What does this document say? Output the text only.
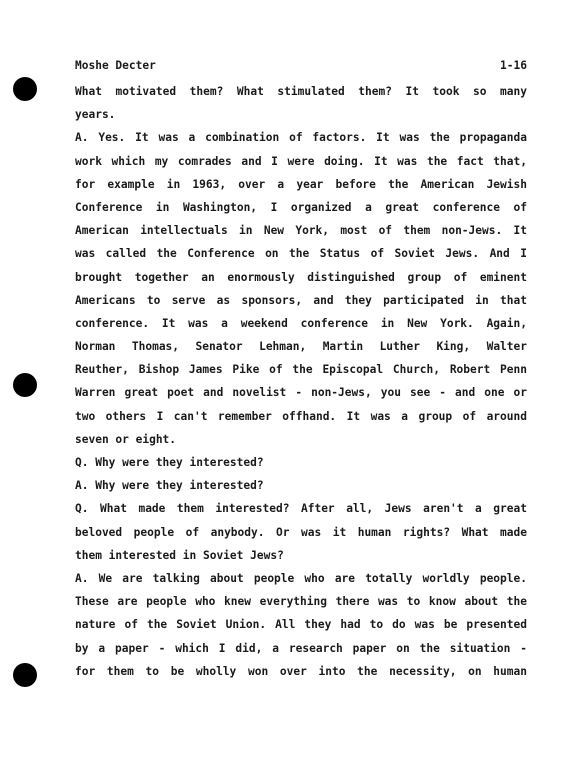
Moshe Decter	1-16
What motivated them? What stimulated them? It took so many
years.
A. Yes. It was a combination of factors. It was the propaganda
work which my comrades and I were doing. It was the fact that,
for example in 1963, over a year before the American Jewish
Conference in Washington, I organized a great conference of
American intellectuals in New York, most of them non-Jews. It
was called the Conference on the Status of Soviet Jews. And I
brought together an enormously distinguished group of eminent
Americans to serve as sponsors, and they participated in that
conference. It was a weekend conference in New York. Again,
Norman Thomas, Senator Lehman, Martin Luther King, Walter
Reuther, Bishop James Pike of the Episcopal Church, Robert Penn
Warren great poet and novelist - non-Jews, you see - and one or
two others I can't remember offhand. It was a group of around
seven or eight.
Q. Why were they interested?
A. Why were they interested?
Q. What made them interested? After all, Jews aren't a great
beloved people of anybody. Or was it human rights? What made
them interested in Soviet Jews?
A. We are talking about people who are totally worldly people.
These are people who knew everything there was to know about the
nature of the Soviet Union. All they had to do was be presented
by a paper - which I did, a research paper on the situation -
for them to be wholly won over into the necessity, on human
